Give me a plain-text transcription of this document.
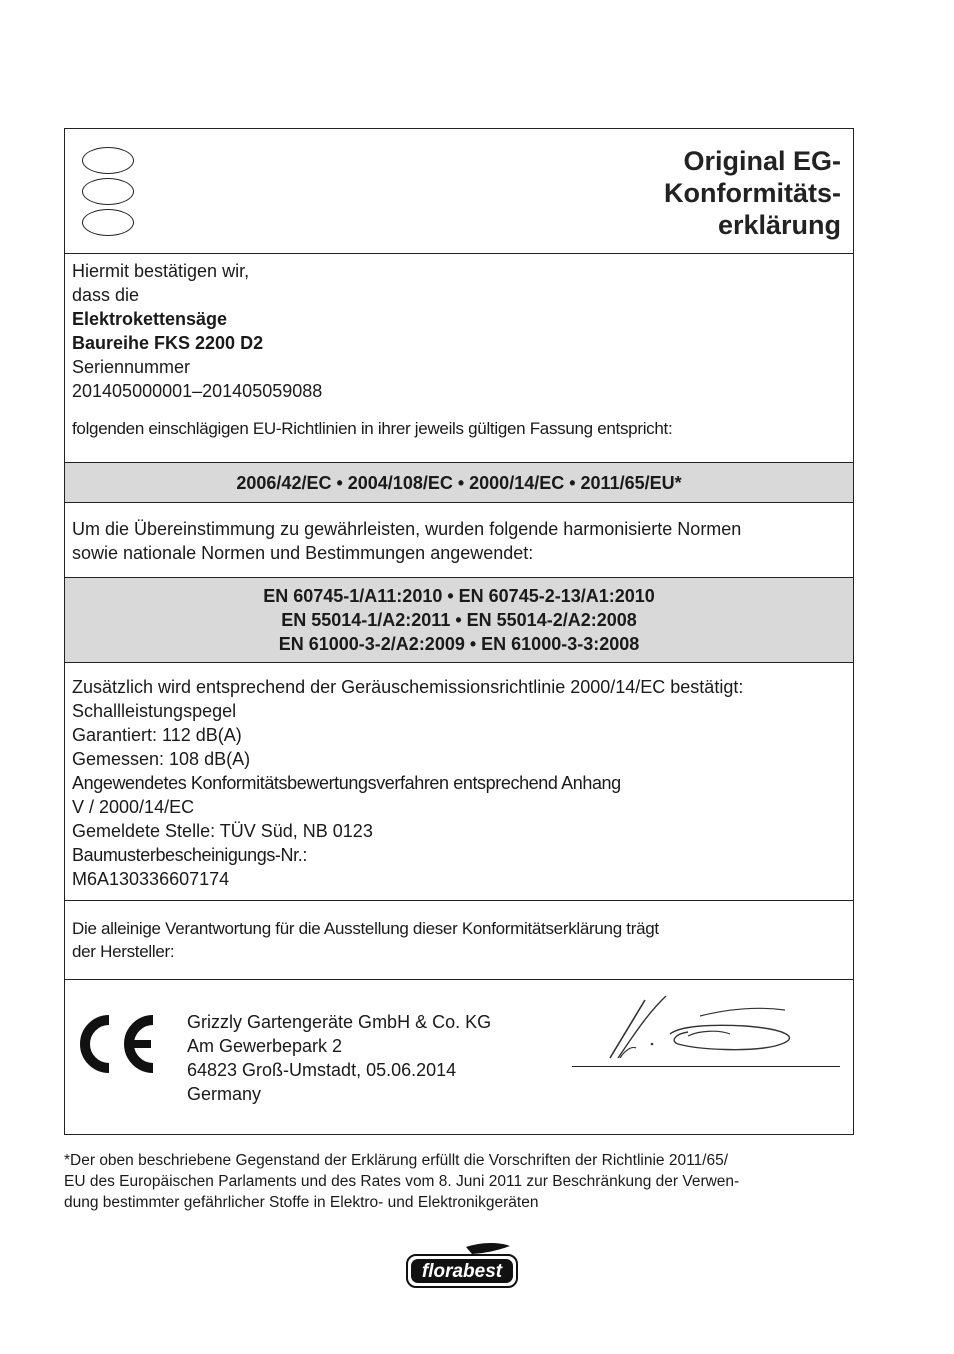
Original EG-
Konformitäts-
erklärung
Hiermit bestätigen wir,
dass die
Elektrokettensäge
Baureihe FKS 2200 D2
Seriennummer
201405000001–201405059088
folgenden einschlägigen EU-Richtlinien in ihrer jeweils gültigen Fassung entspricht:
2006/42/EC • 2004/108/EC • 2000/14/EC • 2011/65/EU*
Um die Übereinstimmung zu gewährleisten, wurden folgende harmonisierte Normen
sowie nationale Normen und Bestimmungen angewendet:
EN 60745-1/A11:2010 • EN 60745-2-13/A1:2010
EN 55014-1/A2:2011 • EN 55014-2/A2:2008
EN 61000-3-2/A2:2009 • EN 61000-3-3:2008
Zusätzlich wird entsprechend der Geräuschemissionsrichtlinie 2000/14/EC bestätigt:
Schallleistungspegel
Garantiert: 112 dB(A)
Gemessen: 108 dB(A)
Angewendetes Konformitätsbewertungsverfahren entsprechend Anhang
V / 2000/14/EC
Gemeldete Stelle: TÜV Süd, NB 0123
Baumusterbescheinigungs-Nr.:
M6A130336607174
Die alleinige Verantwortung für die Ausstellung dieser Konformitätserklärung trägt
der Hersteller:
Grizzly Gartengeräte GmbH & Co. KG
Am Gewerbepark 2
64823 Groß-Umstadt, 05.06.2014
Germany
*Der oben beschriebene Gegenstand der Erklärung erfüllt die Vorschriften der Richtlinie 2011/65/
EU des Europäischen Parlaments und des Rates vom 8. Juni 2011 zur Beschränkung der Verwen-
dung bestimmter gefährlicher Stoffe in Elektro- und Elektronikgeräten
florabest
